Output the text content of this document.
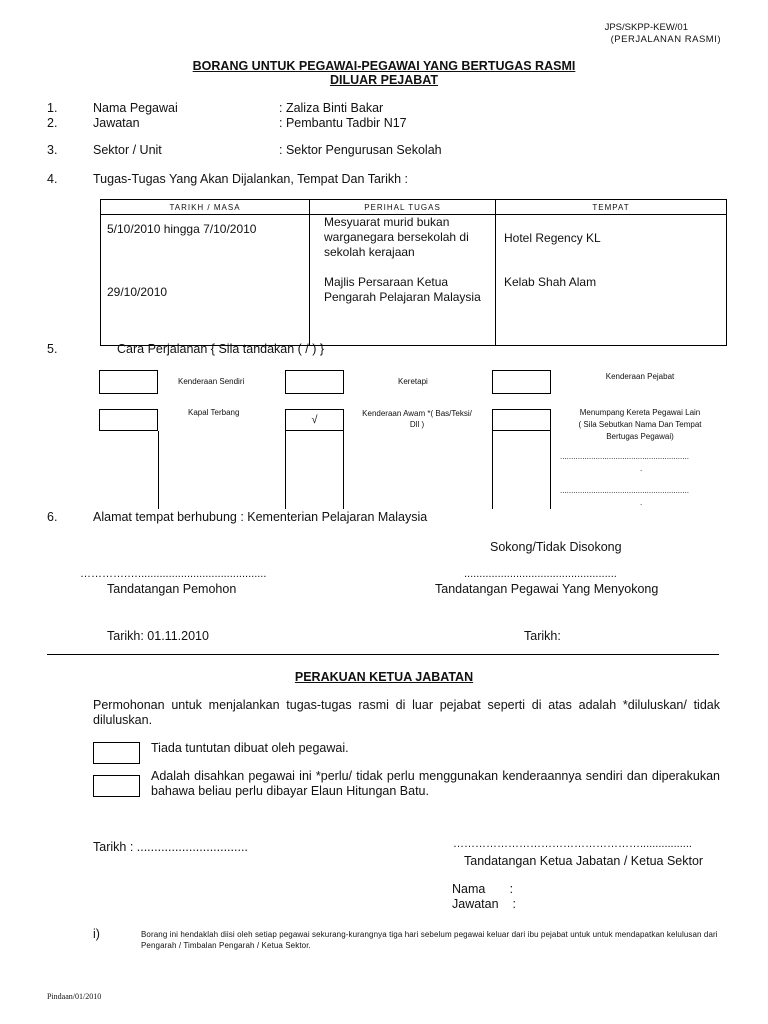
JPS/SKPP-KEW/01
(PERJALANAN RASMI)
BORANG UNTUK PEGAWAI-PEGAWAI YANG BERTUGAS RASMI
DILUAR PEJABAT
1.	Nama Pegawai	: Zaliza Binti Bakar
2.	Jawatan	: Pembantu Tadbir N17
3.	Sektor / Unit	: Sektor Pengurusan Sekolah
4.	Tugas-Tugas Yang Akan Dijalankan, Tempat Dan Tarikh :
TARIKH / MASA	PERIHAL TUGAS	TEMPAT
5/10/2010 hingga 7/10/2010	Mesyuarat murid bukan warganegara bersekolah di sekolah kerajaan	Hotel Regency KL
29/10/2010	Majlis Persaraan Ketua Pengarah Pelajaran Malaysia	Kelab Shah Alam
5.	Cara Perjalanan { Sila tandakan ( / ) }
Kenderaan Sendiri	Keretapi
Kenderaan Pejabat
Kapal Terbang
√
Kenderaan Awam *( Bas/Teksi/ Dll )
Menumpang Kereta Pegawai Lain
( Sila Sebutkan Nama Dan Tempat
Bertugas Pegawai)
..........................................................
.
..........................................................
.
6.	Alamat tempat berhubung : Kementerian Pelajaran Malaysia
Sokong/Tidak Disokong
………….…..........................................
Tandatangan Pemohon
..................................................
Tandatangan Pegawai Yang Menyokong
Tarikh: 01.11.2010	Tarikh:
PERAKUAN KETUA JABATAN
Permohonan untuk menjalankan tugas-tugas rasmi di luar pejabat seperti di atas adalah *diluluskan/ tidak diluluskan.
Tiada tuntutan dibuat oleh pegawai.
Adalah disahkan pegawai ini *perlu/ tidak perlu menggunakan kenderaannya sendiri dan diperakukan bahawa beliau perlu dibayar Elaun Hitungan Batu.
Tarikh : ................................	…………………………………………….................
Tandatangan Ketua Jabatan / Ketua Sektor
Nama       :
Jawatan    :
i)	Borang ini hendaklah diisi oleh setiap pegawai sekurang-kurangnya tiga hari sebelum pegawai keluar dari ibu pejabat untuk untuk mendapatkan kelulusan dari Pengarah / Timbalan Pengarah / Ketua Sektor.
Pindaan/01/2010
